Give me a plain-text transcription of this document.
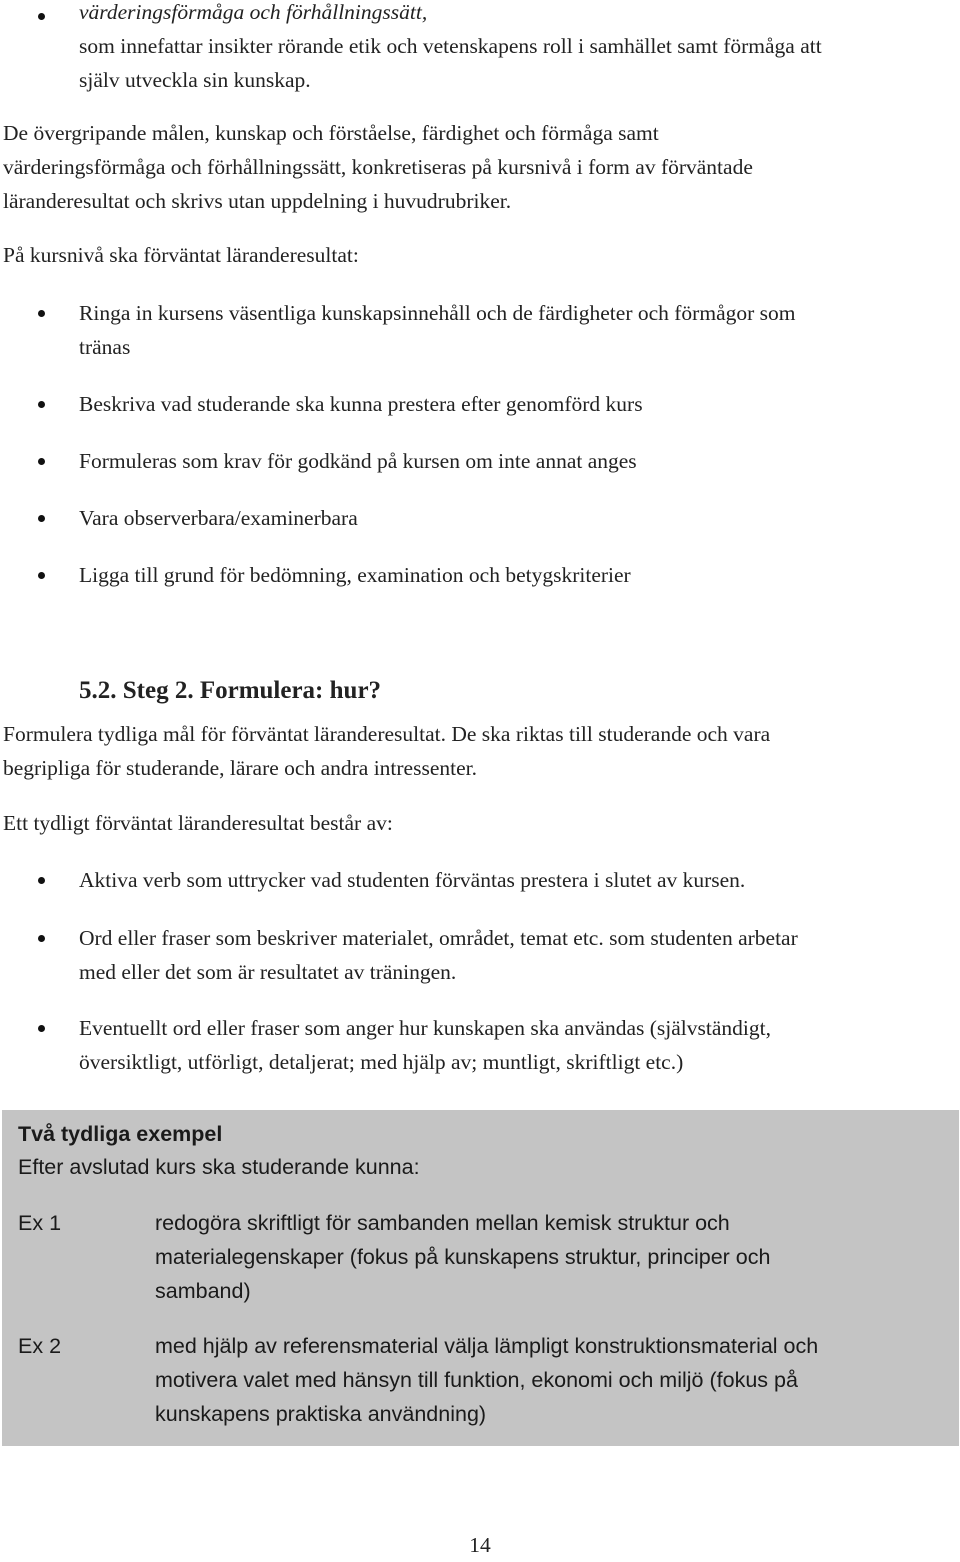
värderingsförmåga och förhållningssätt,
som innefattar insikter rörande etik och vetenskapens roll i samhället samt förmåga att
själv utveckla sin kunskap.
De övergripande målen, kunskap och förståelse, färdighet och förmåga samt
värderingsförmåga och förhållningssätt, konkretiseras på kursnivå i form av förväntade
läranderesultat och skrivs utan uppdelning i huvudrubriker.
På kursnivå ska förväntat läranderesultat:
Ringa in kursens väsentliga kunskapsinnehåll och de färdigheter och förmågor som
tränas
Beskriva vad studerande ska kunna prestera efter genomförd kurs
Formuleras som krav för godkänd på kursen om inte annat anges
Vara observerbara/examinerbara
Ligga till grund för bedömning, examination och betygskriterier
5.2. Steg 2. Formulera: hur?
Formulera tydliga mål för förväntat läranderesultat. De ska riktas till studerande och vara
begripliga för studerande, lärare och andra intressenter.
Ett tydligt förväntat läranderesultat består av:
Aktiva verb som uttrycker vad studenten förväntas prestera i slutet av kursen.
Ord eller fraser som beskriver materialet, området, temat etc. som studenten arbetar
med eller det som är resultatet av träningen.
Eventuellt ord eller fraser som anger hur kunskapen ska användas (självständigt,
översiktligt, utförligt, detaljerat; med hjälp av; muntligt, skriftligt etc.)
Två tydliga exempel
Efter avslutad kurs ska studerande kunna:
Ex 1	redogöra skriftligt för sambanden mellan kemisk struktur och
materialegenskaper (fokus på kunskapens struktur, principer och
samband)
Ex 2	med hjälp av referensmaterial välja lämpligt konstruktionsmaterial och
motivera valet med hänsyn till funktion, ekonomi och miljö (fokus på
kunskapens praktiska användning)
14
